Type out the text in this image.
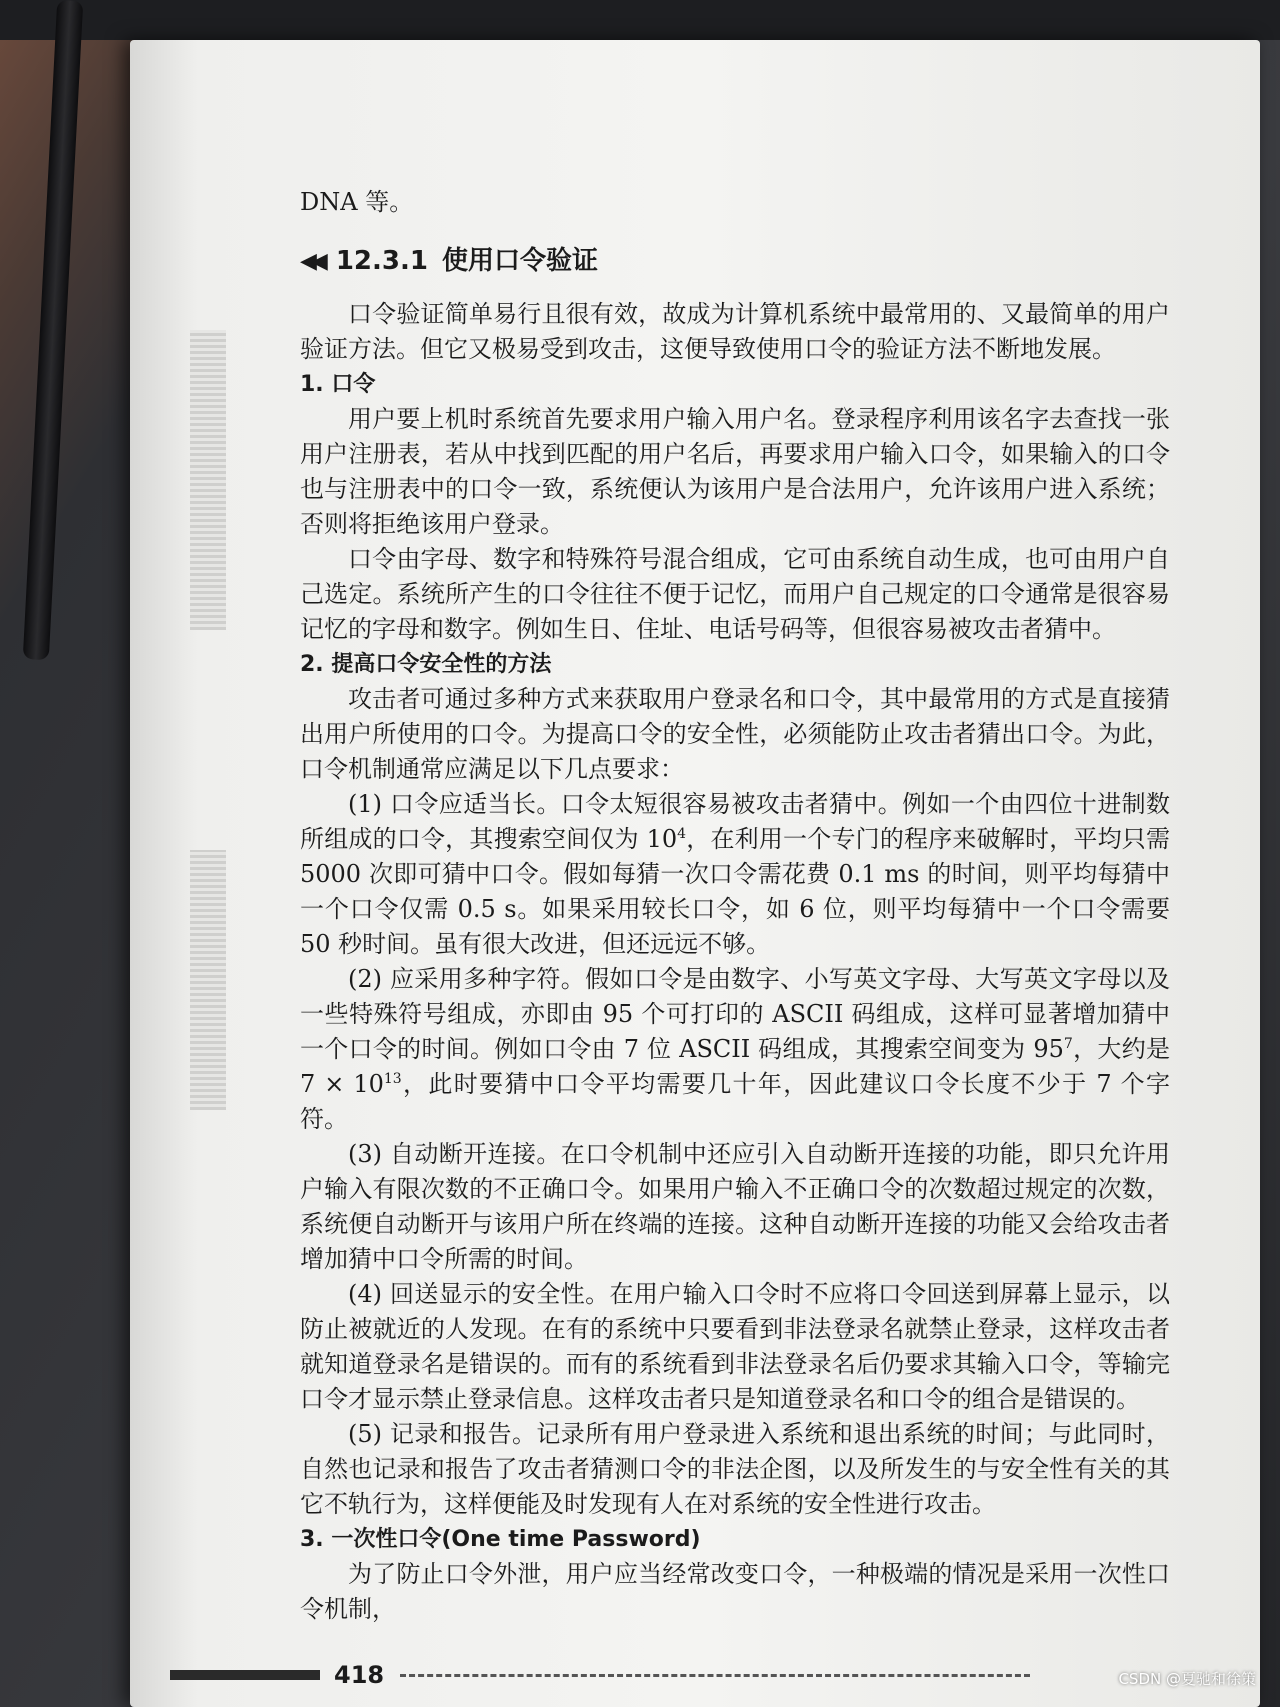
DNA 等。

◀◀ 12.3.1 使用口令验证

口令验证简单易行且很有效，故成为计算机系统中最常用的、又最简单的用户验证方法。但它又极易受到攻击，这便导致使用口令的验证方法不断地发展。

1. 口令

用户要上机时系统首先要求用户输入用户名。登录程序利用该名字去查找一张用户注册表，若从中找到匹配的用户名后，再要求用户输入口令，如果输入的口令也与注册表中的口令一致，系统便认为该用户是合法用户，允许该用户进入系统；否则将拒绝该用户登录。

口令由字母、数字和特殊符号混合组成，它可由系统自动生成，也可由用户自己选定。系统所产生的口令往往不便于记忆，而用户自己规定的口令通常是很容易记忆的字母和数字。例如生日、住址、电话号码等，但很容易被攻击者猜中。

2. 提高口令安全性的方法

攻击者可通过多种方式来获取用户登录名和口令，其中最常用的方式是直接猜出用户所使用的口令。为提高口令的安全性，必须能防止攻击者猜出口令。为此，口令机制通常应满足以下几点要求：

(1) 口令应适当长。口令太短很容易被攻击者猜中。例如一个由四位十进制数所组成的口令，其搜索空间仅为 $10^4$，在利用一个专门的程序来破解时，平均只需 5000 次即可猜中口令。假如每猜一次口令需花费 0.1 ms 的时间，则平均每猜中一个口令仅需 0.5 s。如果采用较长口令，如 6 位，则平均每猜中一个口令需要 50 秒时间。虽有很大改进，但还远远不够。

(2) 应采用多种字符。假如口令是由数字、小写英文字母、大写英文字母以及一些特殊符号组成，亦即由 95 个可打印的 ASCII 码组成，这样可显著增加猜中一个口令的时间。例如口令由 7 位 ASCII 码组成，其搜索空间变为 $95^7$，大约是 $7 \times 10^{13}$，此时要猜中口令平均需要几十年，因此建议口令长度不少于 7 个字符。

(3) 自动断开连接。在口令机制中还应引入自动断开连接的功能，即只允许用户输入有限次数的不正确口令。如果用户输入不正确口令的次数超过规定的次数，系统便自动断开与该用户所在终端的连接。这种自动断开连接的功能又会给攻击者增加猜中口令所需的时间。

(4) 回送显示的安全性。在用户输入口令时不应将口令回送到屏幕上显示，以防止被就近的人发现。在有的系统中只要看到非法登录名就禁止登录，这样攻击者就知道登录名是错误的。而有的系统看到非法登录名后仍要求其输入口令，等输完口令才显示禁止登录信息。这样攻击者只是知道登录名和口令的组合是错误的。

(5) 记录和报告。记录所有用户登录进入系统和退出系统的时间；与此同时，自然也记录和报告了攻击者猜测口令的非法企图，以及所发生的与安全性有关的其它不轨行为，这样便能及时发现有人在对系统的安全性进行攻击。

3. 一次性口令(One time Password)

为了防止口令外泄，用户应当经常改变口令，一种极端的情况是采用一次性口令机制，

418	CSDN @夏驰和徐策
